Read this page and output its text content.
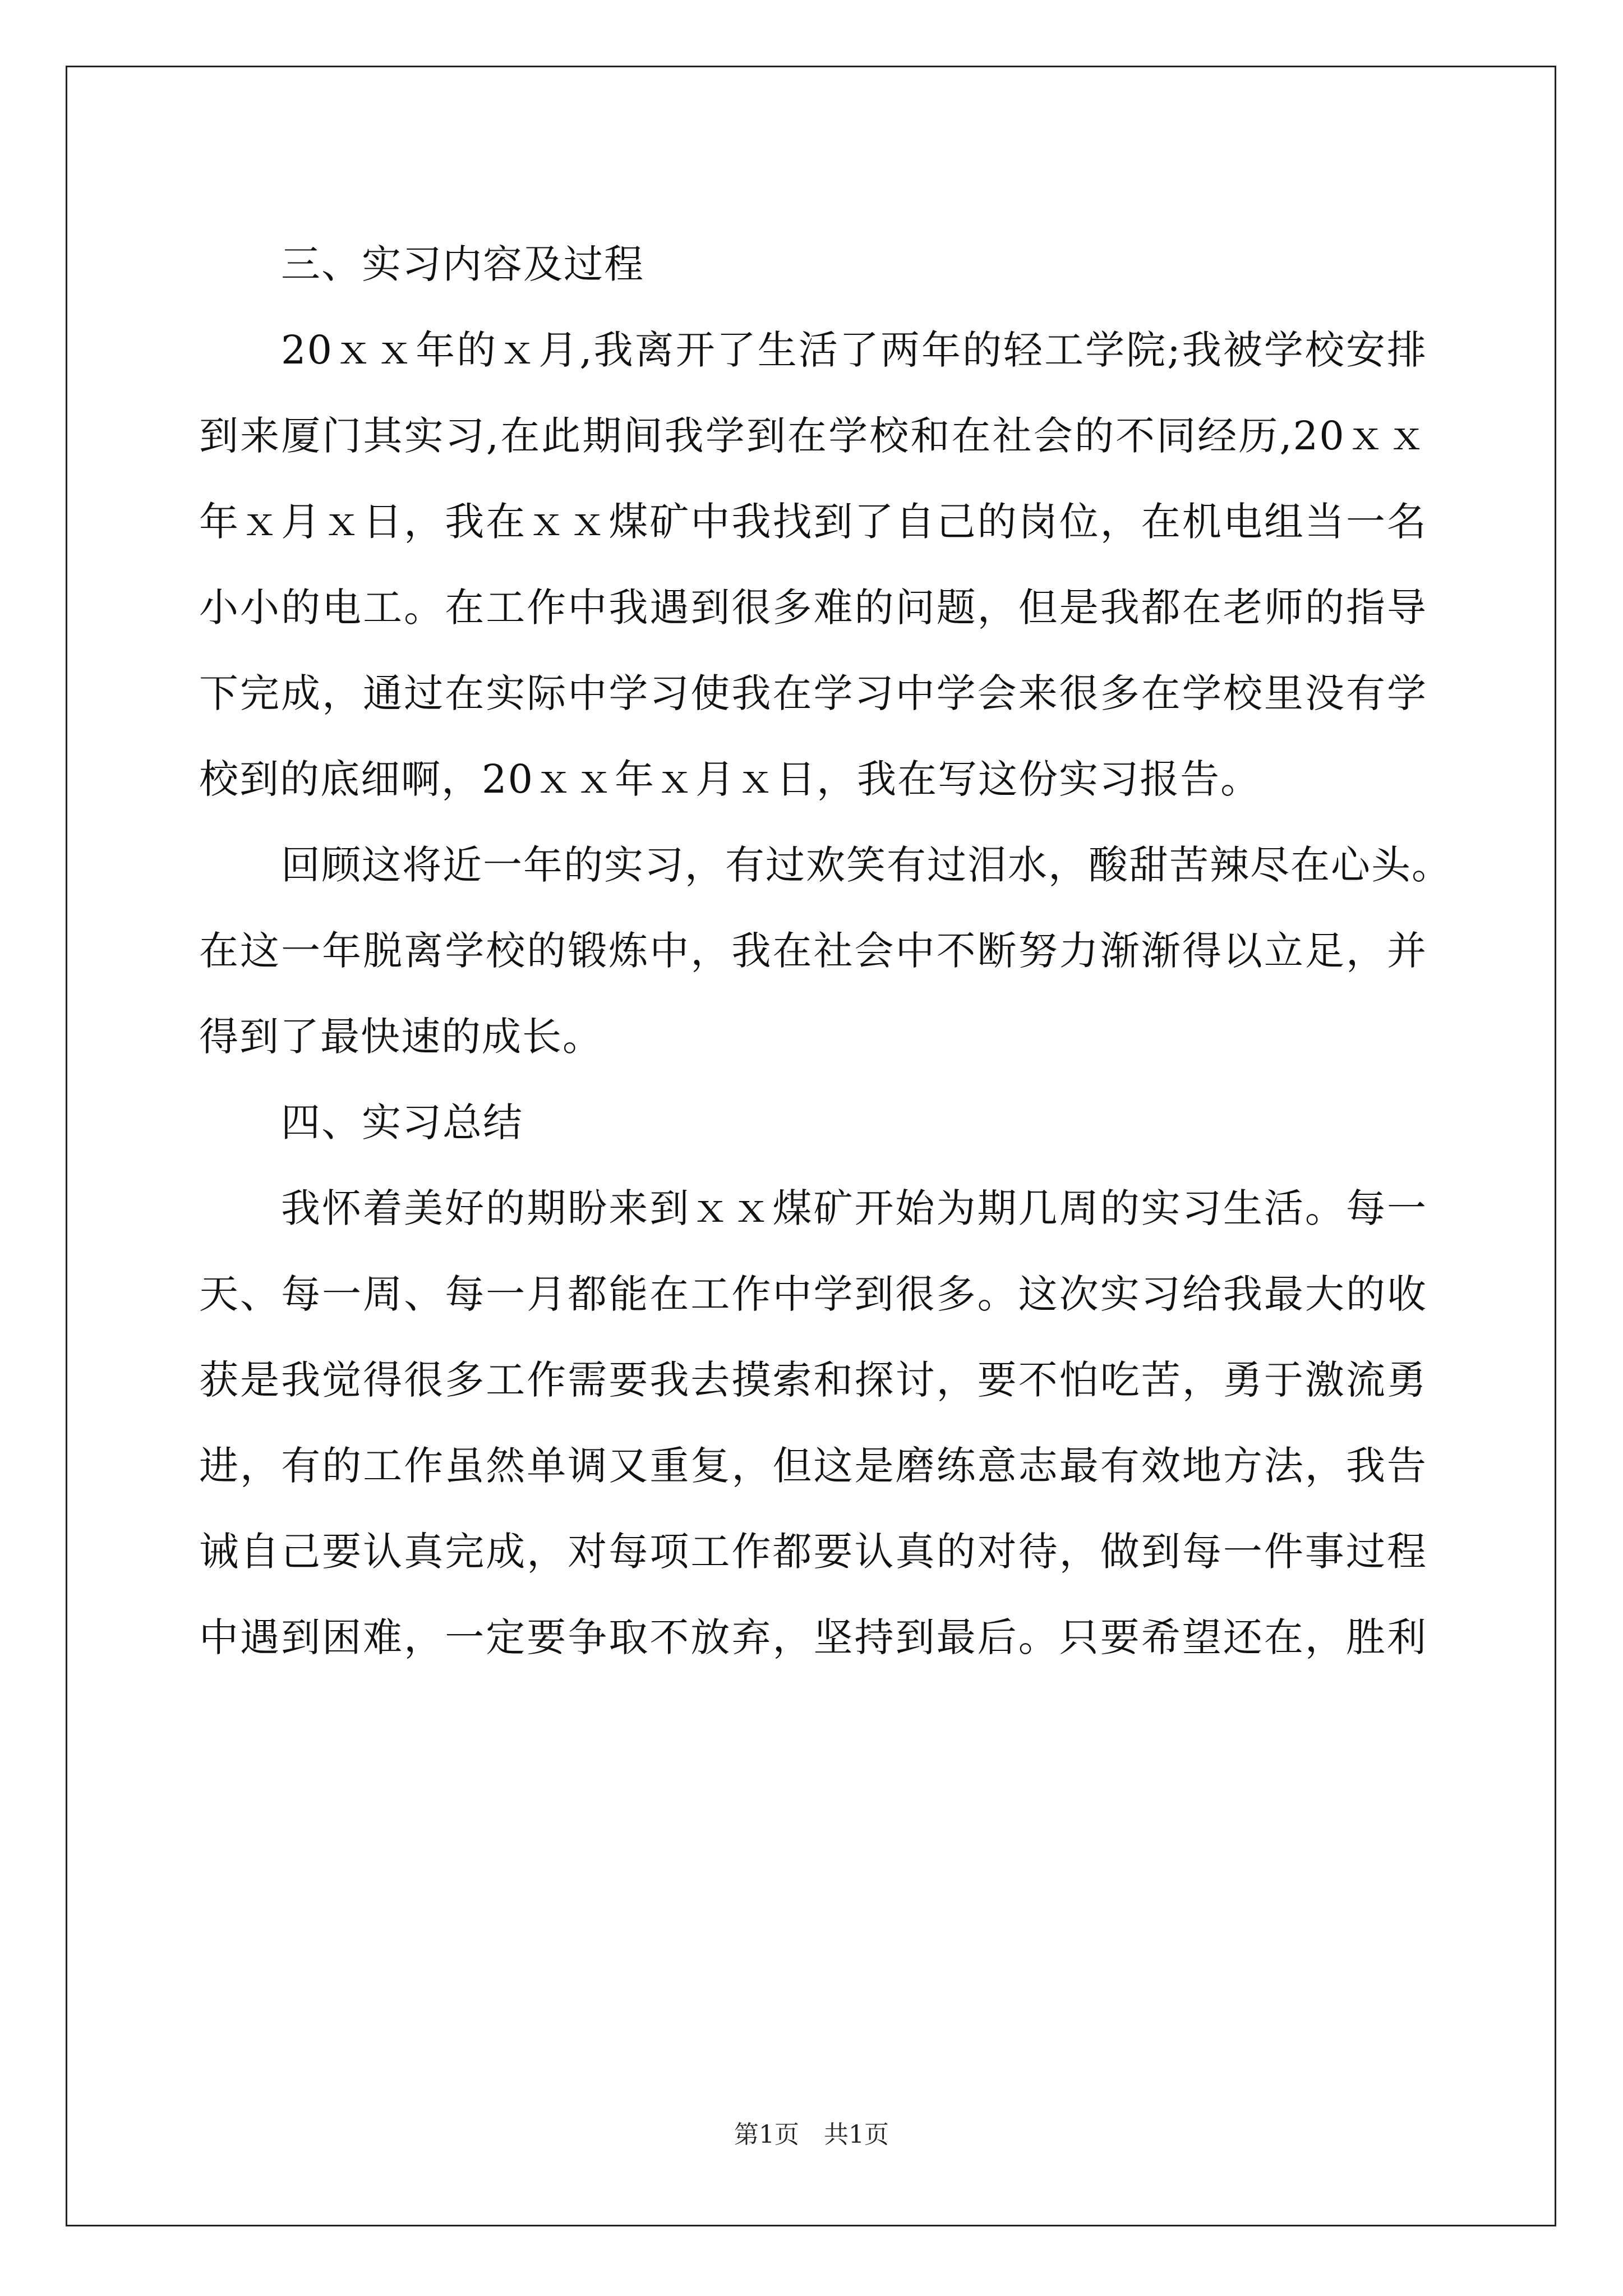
三、实习内容及过程
20ｘｘ年的ｘ月,我离开了生活了两年的轻工学院;我被学校安排
到来厦门其实习,在此期间我学到在学校和在社会的不同经历,20ｘｘ
年ｘ月ｘ日，我在ｘｘ煤矿中我找到了自己的岗位，在机电组当一名
小小的电工。在工作中我遇到很多难的问题，但是我都在老师的指导
下完成，通过在实际中学习使我在学习中学会来很多在学校里没有学
校到的底细啊，20ｘｘ年ｘ月ｘ日，我在写这份实习报告。
回顾这将近一年的实习，有过欢笑有过泪水，酸甜苦辣尽在心头。
在这一年脱离学校的锻炼中，我在社会中不断努力渐渐得以立足，并
得到了最快速的成长。
四、实习总结
我怀着美好的期盼来到ｘｘ煤矿开始为期几周的实习生活。每一
天、每一周、每一月都能在工作中学到很多。这次实习给我最大的收
获是我觉得很多工作需要我去摸索和探讨，要不怕吃苦，勇于激流勇
进，有的工作虽然单调又重复，但这是磨练意志最有效地方法，我告
诫自己要认真完成，对每项工作都要认真的对待，做到每一件事过程
中遇到困难，一定要争取不放弃，坚持到最后。只要希望还在，胜利
第1页　共1页
